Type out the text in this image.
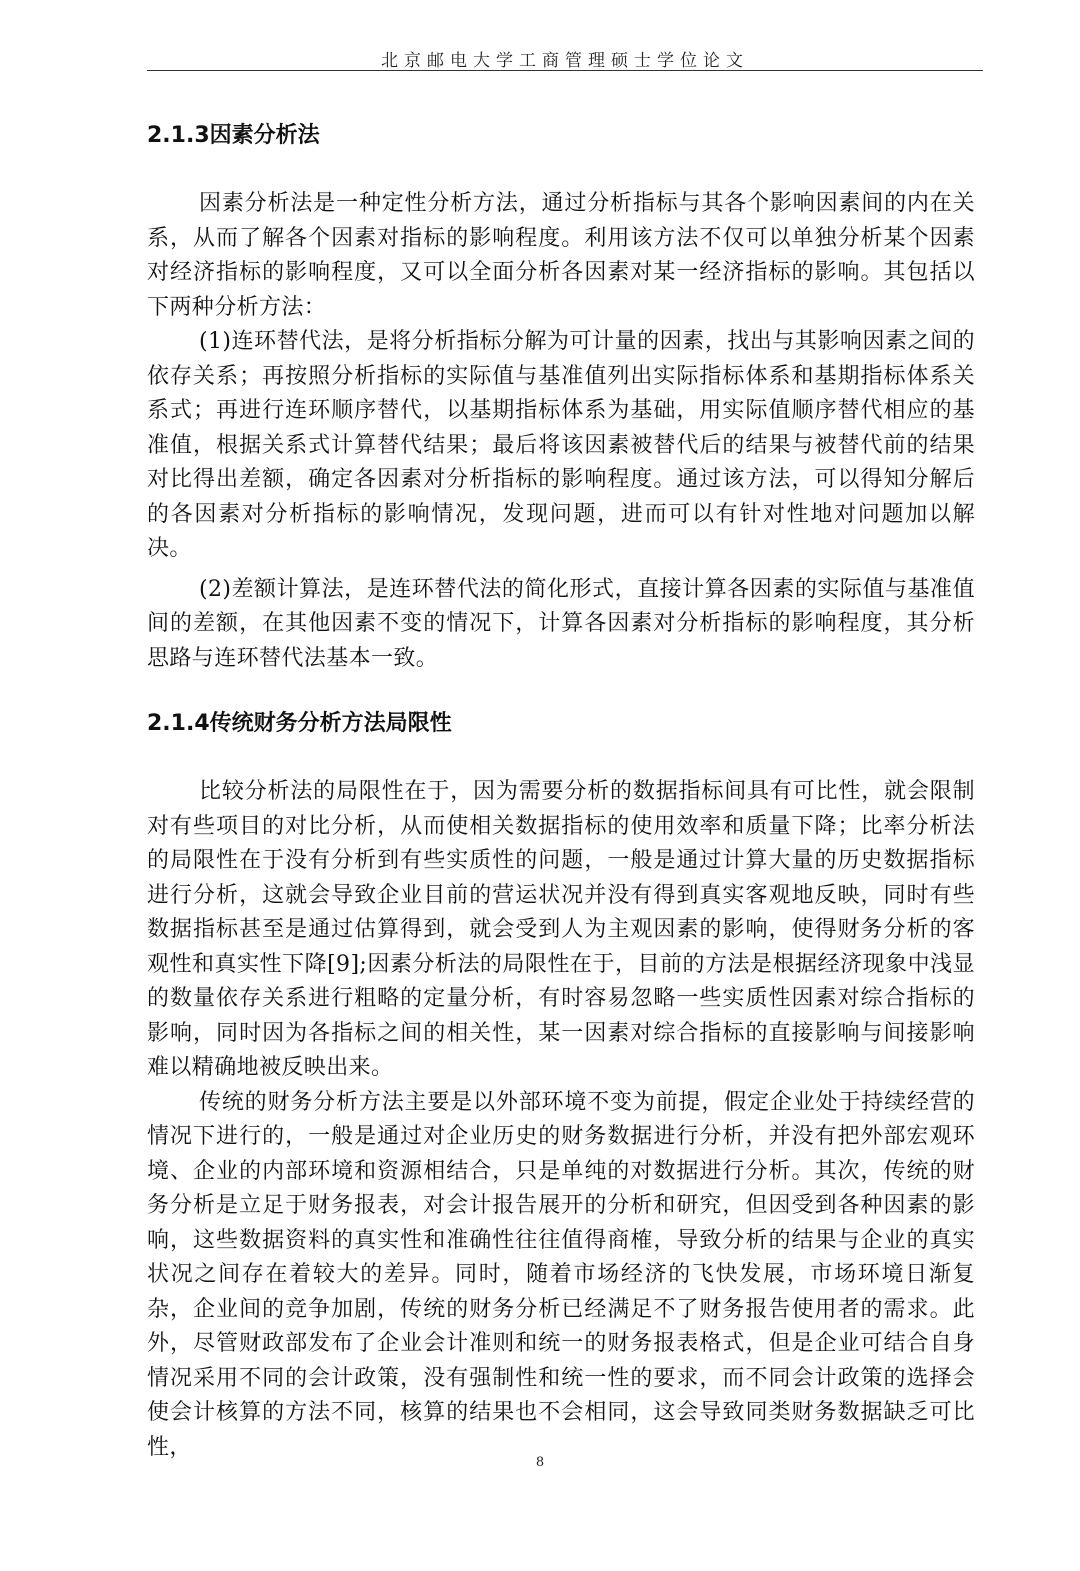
北京邮电大学工商管理硕士学位论文
2.1.3因素分析法

因素分析法是一种定性分析方法，通过分析指标与其各个影响因素间的内在关系，从而了解各个因素对指标的影响程度。利用该方法不仅可以单独分析某个因素对经济指标的影响程度，又可以全面分析各因素对某一经济指标的影响。其包括以下两种分析方法：

(1)连环替代法，是将分析指标分解为可计量的因素，找出与其影响因素之间的依存关系；再按照分析指标的实际值与基准值列出实际指标体系和基期指标体系关系式；再进行连环顺序替代，以基期指标体系为基础，用实际值顺序替代相应的基准值，根据关系式计算替代结果；最后将该因素被替代后的结果与被替代前的结果对比得出差额，确定各因素对分析指标的影响程度。通过该方法，可以得知分解后的各因素对分析指标的影响情况，发现问题，进而可以有针对性地对问题加以解决。

(2)差额计算法，是连环替代法的简化形式，直接计算各因素的实际值与基准值间的差额，在其他因素不变的情况下，计算各因素对分析指标的影响程度，其分析思路与连环替代法基本一致。

2.1.4传统财务分析方法局限性

比较分析法的局限性在于，因为需要分析的数据指标间具有可比性，就会限制对有些项目的对比分析，从而使相关数据指标的使用效率和质量下降；比率分析法的局限性在于没有分析到有些实质性的问题，一般是通过计算大量的历史数据指标进行分析，这就会导致企业目前的营运状况并没有得到真实客观地反映，同时有些数据指标甚至是通过估算得到，就会受到人为主观因素的影响，使得财务分析的客观性和真实性下降[9];因素分析法的局限性在于，目前的方法是根据经济现象中浅显的数量依存关系进行粗略的定量分析，有时容易忽略一些实质性因素对综合指标的影响，同时因为各指标之间的相关性，某一因素对综合指标的直接影响与间接影响难以精确地被反映出来。

传统的财务分析方法主要是以外部环境不变为前提，假定企业处于持续经营的情况下进行的，一般是通过对企业历史的财务数据进行分析，并没有把外部宏观环境、企业的内部环境和资源相结合，只是单纯的对数据进行分析。其次，传统的财务分析是立足于财务报表，对会计报告展开的分析和研究，但因受到各种因素的影响，这些数据资料的真实性和准确性往往值得商榷，导致分析的结果与企业的真实状况之间存在着较大的差异。同时，随着市场经济的飞快发展，市场环境日渐复杂，企业间的竞争加剧，传统的财务分析已经满足不了财务报告使用者的需求。此外，尽管财政部发布了企业会计准则和统一的财务报表格式，但是企业可结合自身情况采用不同的会计政策，没有强制性和统一性的要求，而不同会计政策的选择会使会计核算的方法不同，核算的结果也不会相同，这会导致同类财务数据缺乏可比性，

8
